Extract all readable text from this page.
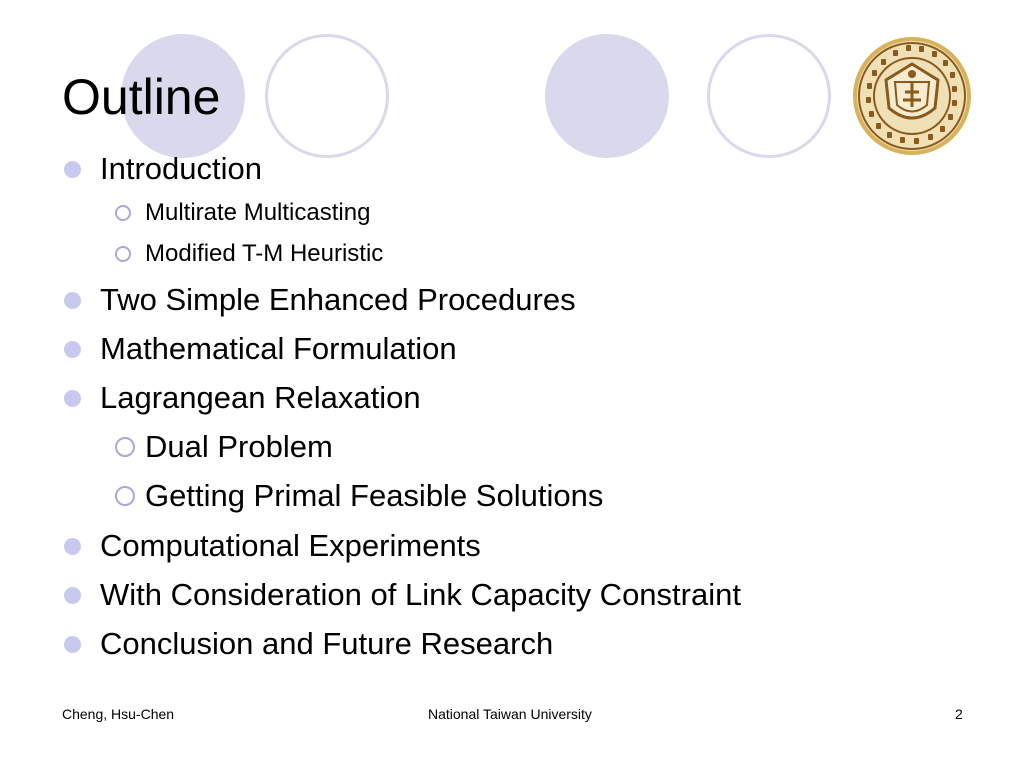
Outline
Introduction
Multirate Multicasting
Modified T-M Heuristic
Two Simple Enhanced Procedures
Mathematical Formulation
Lagrangean Relaxation
Dual Problem
Getting Primal Feasible Solutions
Computational Experiments
With Consideration of Link Capacity Constraint
Conclusion and Future Research
Cheng, Hsu-Chen	National Taiwan University	2
